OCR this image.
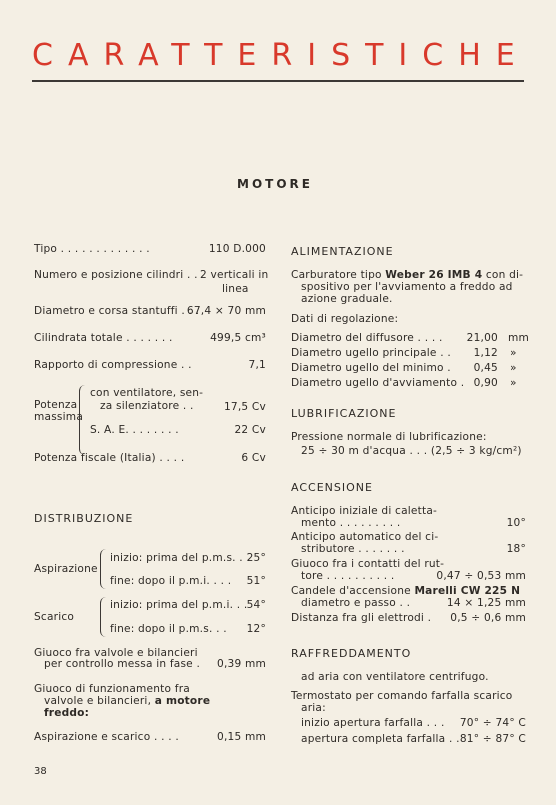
CARATTERISTICHE
MOTORE
Tipo . . . . . . . . . . . . .	110 D.000
Numero e posizione cilindri . . 2 verticali in
linea
Diametro e corsa stantuffi . . .
67,4 × 70 mm
Cilindrata totale . . . . . . .	499,5 cm³
Rapporto di compressione . .	7,1
Potenza
massima
con ventilatore, sen-
za silenziatore . .	17,5 Cv
S. A. E. . . . . . . .	22 Cv
Potenza fiscale (Italia) . . . .	6 Cv
DISTRIBUZIONE
Aspirazione
inizio: prima del p.m.s. . .
25°
fine: dopo il p.m.i. . . . 51°
Scarico
inizio: prima del p.m.i. . . 54°
fine: dopo il p.m.s. . . 12°
Giuoco fra valvole e bilancieri
per controllo messa in fase . 0,39 mm
Giuoco di funzionamento fra
valvole e bilancieri, a motore
freddo:
Aspirazione e scarico . . . .	0,15 mm
ALIMENTAZIONE
Carburatore tipo Weber 26 IMB 4 con di-
spositivo per l'avviamento a freddo ad
azione graduale.
Dati di regolazione:
Diametro del diffusore . . . . 21,00 mm
Diametro ugello principale . . 1,12 »
Diametro ugello del minimo . 0,45 »
Diametro ugello d'avviamento . 0,90 »
LUBRIFICAZIONE
Pressione normale di lubrificazione:
25 ÷ 30 m d'acqua . . . (2,5 ÷ 3 kg/cm²)
ACCENSIONE
Anticipo iniziale di caletta-
mento . . . . . . . . .	10°
Anticipo automatico del ci-
stributore . . . . . . .	18°
Giuoco fra i contatti del rut-
tore . . . . . . . . . .	0,47 ÷ 0,53 mm
Candele d'accensione Marelli CW 225 N
diametro e passo . .	14 × 1,25 mm
Distanza fra gli elettrodi . 0,5 ÷ 0,6 mm
RAFFREDDAMENTO
ad aria con ventilatore centrifugo.
Termostato per comando farfalla scarico
aria:
inizio apertura farfalla . . . 70° ÷ 74° C
apertura completa farfalla . . 81° ÷ 87° C
38
